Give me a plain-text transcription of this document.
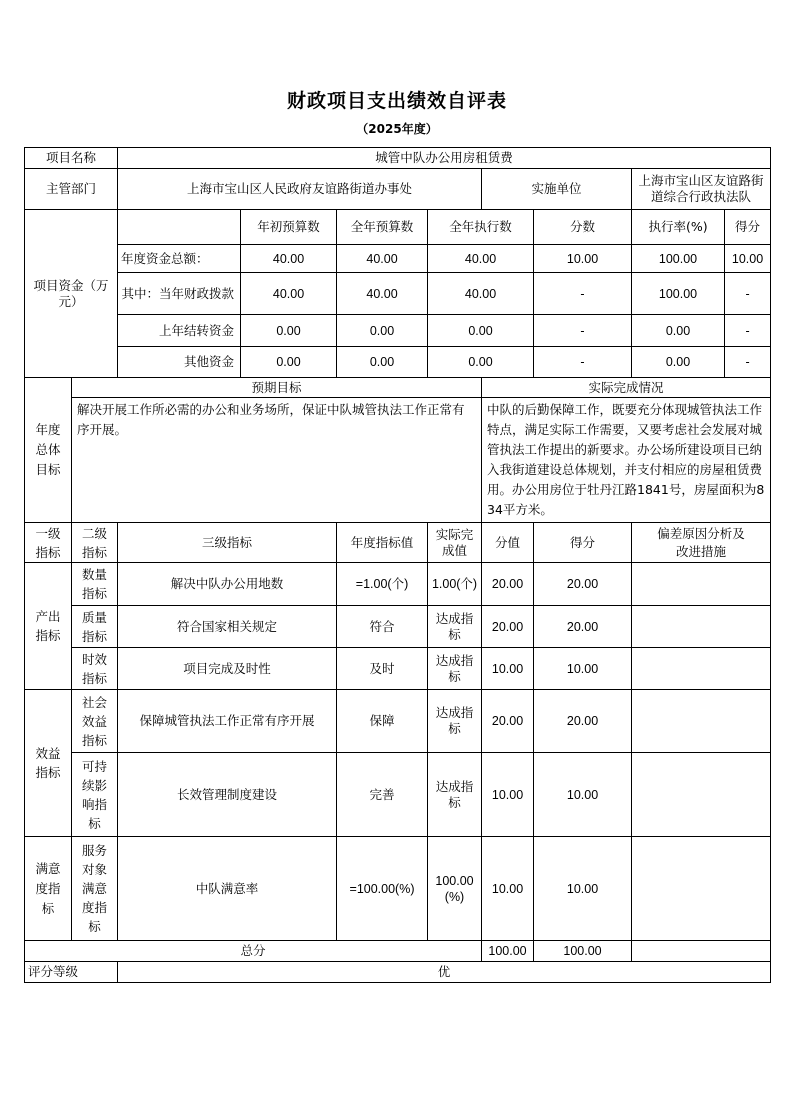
财政项目支出绩效自评表
（2025年度）
项目名称		城管中队办公用房租赁费							
主管部门		上海市宝山区人民政府友谊路街道办事处				实施单位		上海市宝山区友谊路街道综合行政执法队	
项目资金（万元）			年初预算数	全年预算数	全年执行数		分数	执行率(%)	得分
		年度资金总额：	40.00	40.00	40.00		10.00	100.00	10.00
		其中：当年财政拨款	40.00	40.00	40.00		-	100.00	-
		上年结转资金	0.00	0.00	0.00		-	0.00	-
		其他资金	0.00	0.00	0.00		-	0.00	-
年度总体目标	预期目标					实际完成情况			
	解决开展工作所必需的办公和业务场所，保证中队城管执法工作正常有序开展。					中队的后勤保障工作，既要充分体现城管执法工作特点，满足实际工作需要，又要考虑社会发展对城管执法工作提出的新要求。办公场所建设项目已纳入我街道建设总体规划，并支付相应的房屋租赁费用。办公用房位于牡丹江路1841号，房屋面积为834平方米。			
一级指标	二级指标	三级指标		年度指标值	实际完成值	分值	得分	偏差原因分析及改进措施	
产出指标	数量指标	解决中队办公用地数		=1.00(个)	1.00(个)	20.00	20.00		
	质量指标	符合国家相关规定		符合	达成指标	20.00	20.00		
	时效指标	项目完成及时性		及时	达成指标	10.00	10.00		
效益指标	社会效益指标	保障城管执法工作正常有序开展		保障	达成指标	20.00	20.00		
	可持续影响指标	长效管理制度建设		完善	达成指标	10.00	10.00		
满意度指标	服务对象满意度指标	中队满意率		=100.00(%)	100.00(%)	10.00	10.00		
总分						100.00	100.00		
评分等级		优							
